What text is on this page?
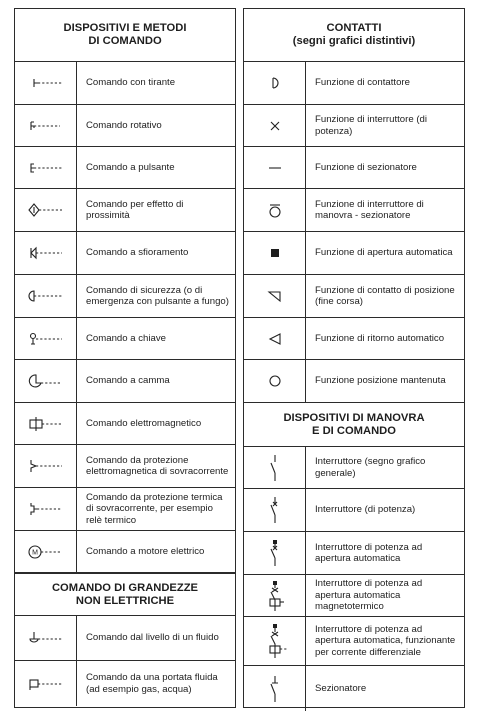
DISPOSITIVI E METODI
DI COMANDO
Comando con tirante
Comando rotativo
Comando a pulsante
Comando per effetto di prossimità
Comando a sfioramento
Comando di sicurezza (o di emergenza con pulsante a fungo)
Comando a chiave
Comando a camma
Comando elettromagnetico
Comando da protezione elettromagnetica di sovracorrente
Comando da protezione termica di sovracorrente, per esempio relè termico
M	Comando a motore elettrico
COMANDO DI GRANDEZZE
NON ELETTRICHE
Comando dal livello di un fluido
Comando da una portata fluida (ad esempio gas, acqua)
CONTATTI
(segni grafici distintivi)
Funzione di contattore
Funzione di interruttore (di potenza)
Funzione di sezionatore
Funzione di interruttore di manovra - sezionatore
Funzione di apertura automatica
Funzione di contatto di posizione (fine corsa)
Funzione di ritorno automatico
Funzione posizione mantenuta
DISPOSITIVI DI MANOVRA
E DI COMANDO
Interruttore (segno grafico generale)
Interruttore (di potenza)
Interruttore di potenza ad apertura automatica
Interruttore di potenza ad apertura automatica magnetotermico
Interruttore di potenza ad apertura automatica, funzionante per corrente differenziale
Sezionatore
